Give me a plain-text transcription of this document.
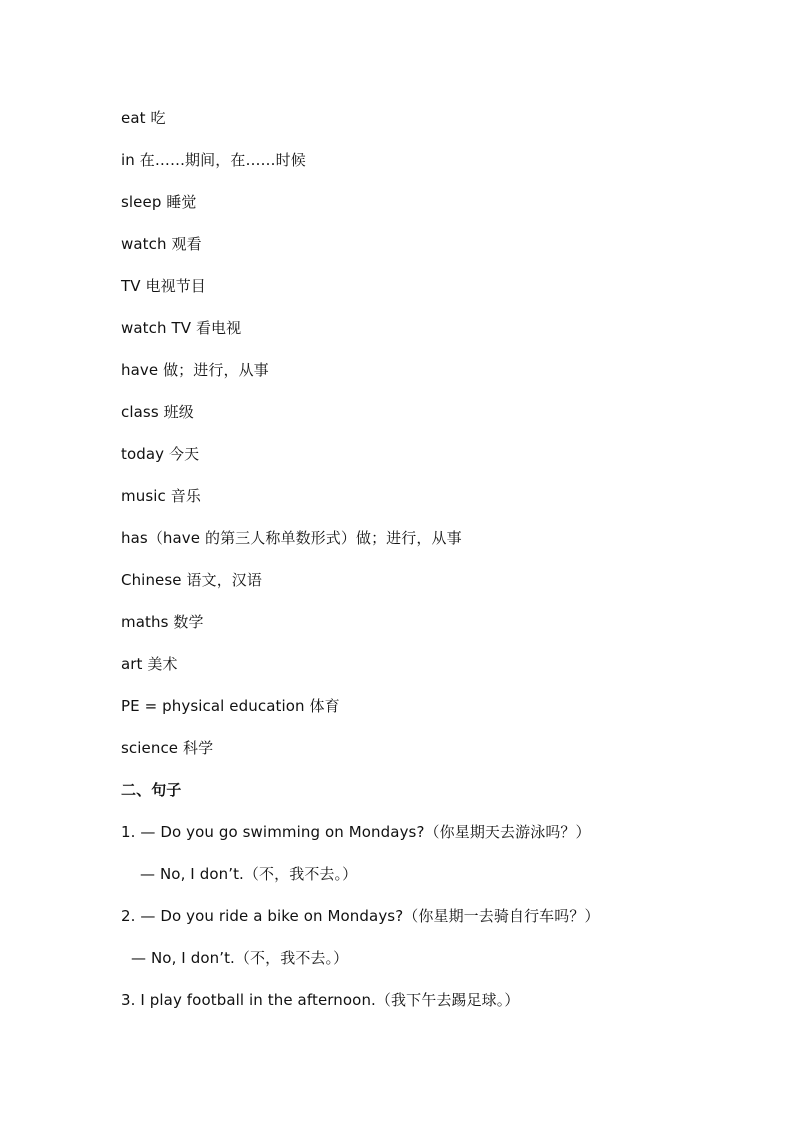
eat 吃
in 在……期间，在……时候
sleep 睡觉
watch 观看
TV 电视节目
watch TV 看电视
have 做；进行，从事
class 班级
today 今天
music 音乐
has（have 的第三人称单数形式）做；进行，从事
Chinese 语文，汉语
maths 数学
art 美术
PE = physical education 体育
science 科学
二、句子
1. — Do you go swimming on Mondays?（你星期天去游泳吗？）
— No, I don’t.（不，我不去。）
2. — Do you ride a bike on Mondays?（你星期一去骑自行车吗？）
— No, I don’t.（不，我不去。）
3. I play football in the afternoon.（我下午去踢足球。）
